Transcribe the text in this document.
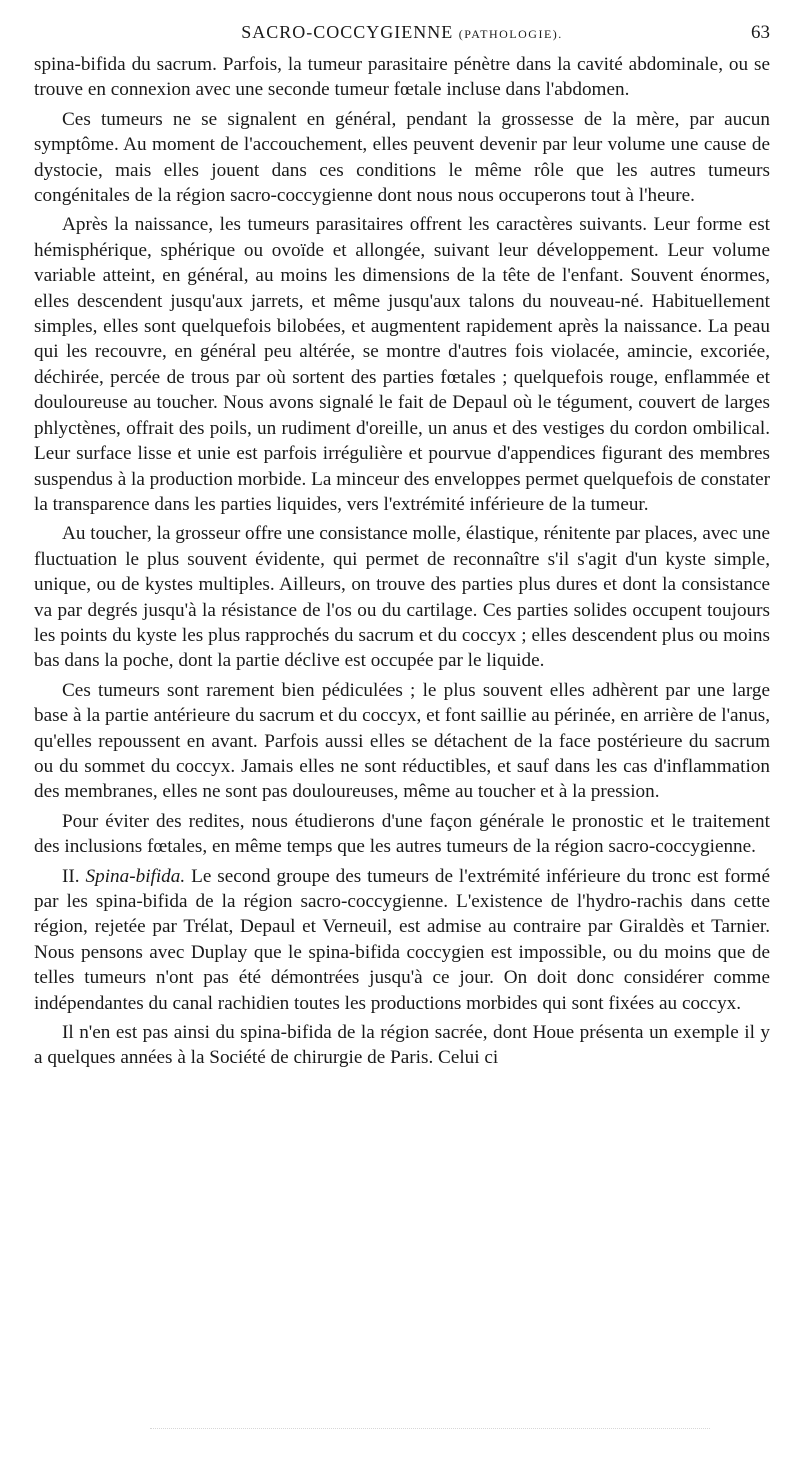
SACRO-COCCYGIENNE (PATHOLOGIE).	63

spina-bifida du sacrum. Parfois, la tumeur parasitaire pénètre dans la cavité abdominale, ou se trouve en connexion avec une seconde tumeur fœtale incluse dans l'abdomen.

Ces tumeurs ne se signalent en général, pendant la grossesse de la mère, par aucun symptôme. Au moment de l'accouchement, elles peuvent devenir par leur volume une cause de dystocie, mais elles jouent dans ces conditions le même rôle que les autres tumeurs congénitales de la région sacro-coccygienne dont nous nous occuperons tout à l'heure.

Après la naissance, les tumeurs parasitaires offrent les caractères suivants. Leur forme est hémisphérique, sphérique ou ovoïde et allongée, suivant leur développement. Leur volume variable atteint, en général, au moins les dimensions de la tête de l'enfant. Souvent énormes, elles descendent jusqu'aux jarrets, et même jusqu'aux talons du nouveau-né. Habituellement simples, elles sont quelquefois bilobées, et augmentent rapidement après la naissance. La peau qui les recouvre, en général peu altérée, se montre d'autres fois violacée, amincie, excoriée, déchirée, percée de trous par où sortent des parties fœtales ; quelquefois rouge, enflammée et douloureuse au toucher. Nous avons signalé le fait de Depaul où le tégument, couvert de larges phlyctènes, offrait des poils, un rudiment d'oreille, un anus et des vestiges du cordon ombilical. Leur surface lisse et unie est parfois irrégulière et pourvue d'appendices figurant des membres suspendus à la production morbide. La minceur des enveloppes permet quelquefois de constater la transparence dans les parties liquides, vers l'extrémité inférieure de la tumeur.

Au toucher, la grosseur offre une consistance molle, élastique, rénitente par places, avec une fluctuation le plus souvent évidente, qui permet de reconnaître s'il s'agit d'un kyste simple, unique, ou de kystes multiples. Ailleurs, on trouve des parties plus dures et dont la consistance va par degrés jusqu'à la résistance de l'os ou du cartilage. Ces parties solides occupent toujours les points du kyste les plus rapprochés du sacrum et du coccyx ; elles descendent plus ou moins bas dans la poche, dont la partie déclive est occupée par le liquide.

Ces tumeurs sont rarement bien pédiculées ; le plus souvent elles adhèrent par une large base à la partie antérieure du sacrum et du coccyx, et font saillie au périnée, en arrière de l'anus, qu'elles repoussent en avant. Parfois aussi elles se détachent de la face postérieure du sacrum ou du sommet du coccyx. Jamais elles ne sont réductibles, et sauf dans les cas d'inflammation des membranes, elles ne sont pas douloureuses, même au toucher et à la pression.

Pour éviter des redites, nous étudierons d'une façon générale le pronostic et le traitement des inclusions fœtales, en même temps que les autres tumeurs de la région sacro-coccygienne.

II. Spina-bifida. Le second groupe des tumeurs de l'extrémité inférieure du tronc est formé par les spina-bifida de la région sacro-coccygienne. L'existence de l'hydro-rachis dans cette région, rejetée par Trélat, Depaul et Verneuil, est admise au contraire par Giraldès et Tarnier. Nous pensons avec Duplay que le spina-bifida coccygien est impossible, ou du moins que de telles tumeurs n'ont pas été démontrées jusqu'à ce jour. On doit donc considérer comme indépendantes du canal rachidien toutes les productions morbides qui sont fixées au coccyx.

Il n'en est pas ainsi du spina-bifida de la région sacrée, dont Houe présenta un exemple il y a quelques années à la Société de chirurgie de Paris. Celui ci
